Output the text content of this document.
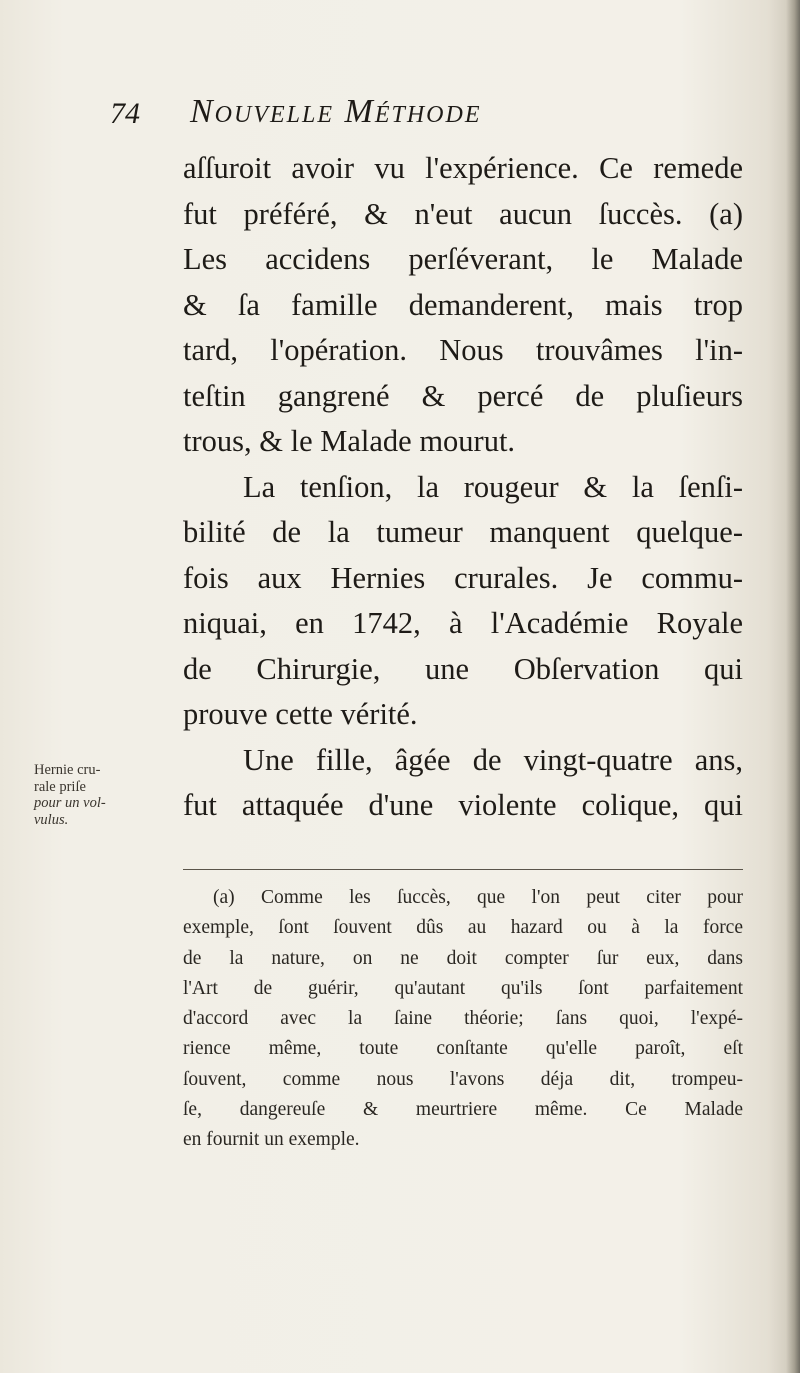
74 Nouvelle Méthode
aſſuroit avoir vu l'expérience. Ce remede
fut préféré, & n'eut aucun ſuccès. (a)
Les accidens perſéverant, le Malade
& ſa famille demanderent, mais trop
tard, l'opération. Nous trouvâmes l'in-
teſtin gangrené & percé de pluſieurs
trous, & le Malade mourut.
La tenſion, la rougeur & la ſenſi-
bilité de la tumeur manquent quelque-
fois aux Hernies crurales. Je commu-
niquai, en 1742, à l'Académie Royale
de Chirurgie, une Obſervation qui
prouve cette vérité.
Une fille, âgée de vingt-quatre ans,
fut attaquée d'une violente colique, qui
Hernie cru-
rale priſe
pour un vol-
vulus.
(a) Comme les ſuccès, que l'on peut citer pour
exemple, ſont ſouvent dûs au hazard ou à la force
de la nature, on ne doit compter ſur eux, dans
l'Art de guérir, qu'autant qu'ils ſont parfaitement
d'accord avec la ſaine théorie; ſans quoi, l'expé-
rience même, toute conſtante qu'elle paroît, eſt
ſouvent, comme nous l'avons déja dit, trompeu-
ſe, dangereuſe & meurtriere même. Ce Malade
en fournit un exemple.
